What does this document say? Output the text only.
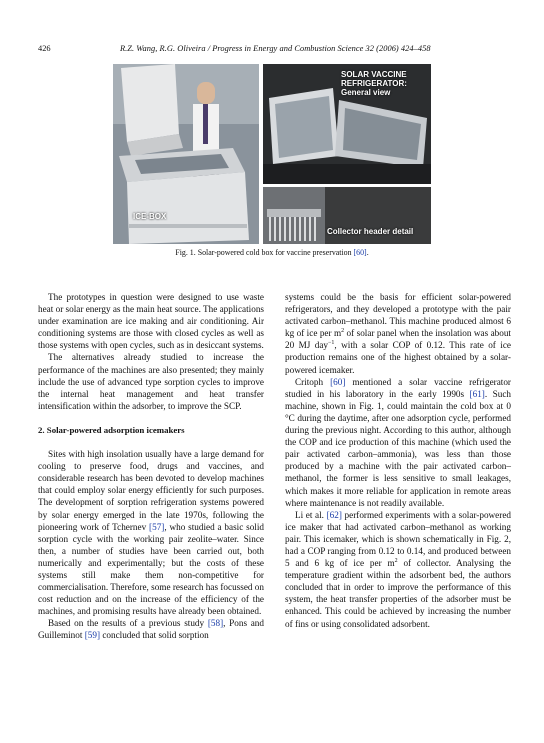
426	R.Z. Wang, R.G. Oliveira / Progress in Energy and Combustion Science 32 (2006) 424–458
ICE-BOX
SOLAR VACCINE
REFRIGERATOR:
General view
Collector header detail
Fig. 1. Solar-powered cold box for vaccine preservation [60].

The prototypes in question were designed to use waste heat or solar energy as the main heat source. The applications under examination are ice making and air conditioning. Air conditioning systems are those with closed cycles as well as those systems with open cycles, such as in desiccant systems.

The alternatives already studied to increase the performance of the machines are also presented; they mainly include the use of advanced type sorption cycles to improve the internal heat management and heat transfer intensification within the adsorber, to improve the SCP.

2. Solar-powered adsorption icemakers

Sites with high insolation usually have a large demand for cooling to preserve food, drugs and vaccines, and considerable research has been devoted to develop machines that could employ solar energy efficiently for such purposes. The development of sorption refrigeration systems powered by solar energy emerged in the late 1970s, following the pioneering work of Tchernev [57], who studied a basic solid sorption cycle with the working pair zeolite–water. Since then, a number of studies have been carried out, both numerically and experimentally; but the costs of these systems still make them non-competitive for commercialisation. Therefore, some research has focussed on cost reduction and on the increase of the efficiency of the machines, and promising results have already been obtained.

Based on the results of a previous study [58], Pons and Guilleminot [59] concluded that solid sorption

systems could be the basis for efficient solar-powered refrigerators, and they developed a prototype with the pair activated carbon–methanol. This machine produced almost 6 kg of ice per $m^2$ of solar panel when the insolation was about 20 MJ day$^{-1}$, with a solar COP of 0.12. This rate of ice production remains one of the highest obtained by a solar-powered icemaker.

Critoph [60] mentioned a solar vaccine refrigerator studied in his laboratory in the early 1990s [61]. Such machine, shown in Fig. 1, could maintain the cold box at 0 °C during the daytime, after one adsorption cycle, performed during the previous night. According to this author, although the COP and ice production of this machine (which used the pair activated carbon–ammonia), was less than those produced by a machine with the pair activated carbon–methanol, the former is less sensitive to small leakages, which makes it more reliable for application in remote areas where maintenance is not readily available.

Li et al. [62] performed experiments with a solar-powered ice maker that had activated carbon–methanol as working pair. This icemaker, which is shown schematically in Fig. 2, had a COP ranging from 0.12 to 0.14, and produced between 5 and 6 kg of ice per $m^2$ of collector. Analysing the temperature gradient within the adsorbent bed, the authors concluded that in order to improve the performance of this system, the heat transfer properties of the adsorber must be enhanced. This could be achieved by increasing the number of fins or using consolidated adsorbent.
